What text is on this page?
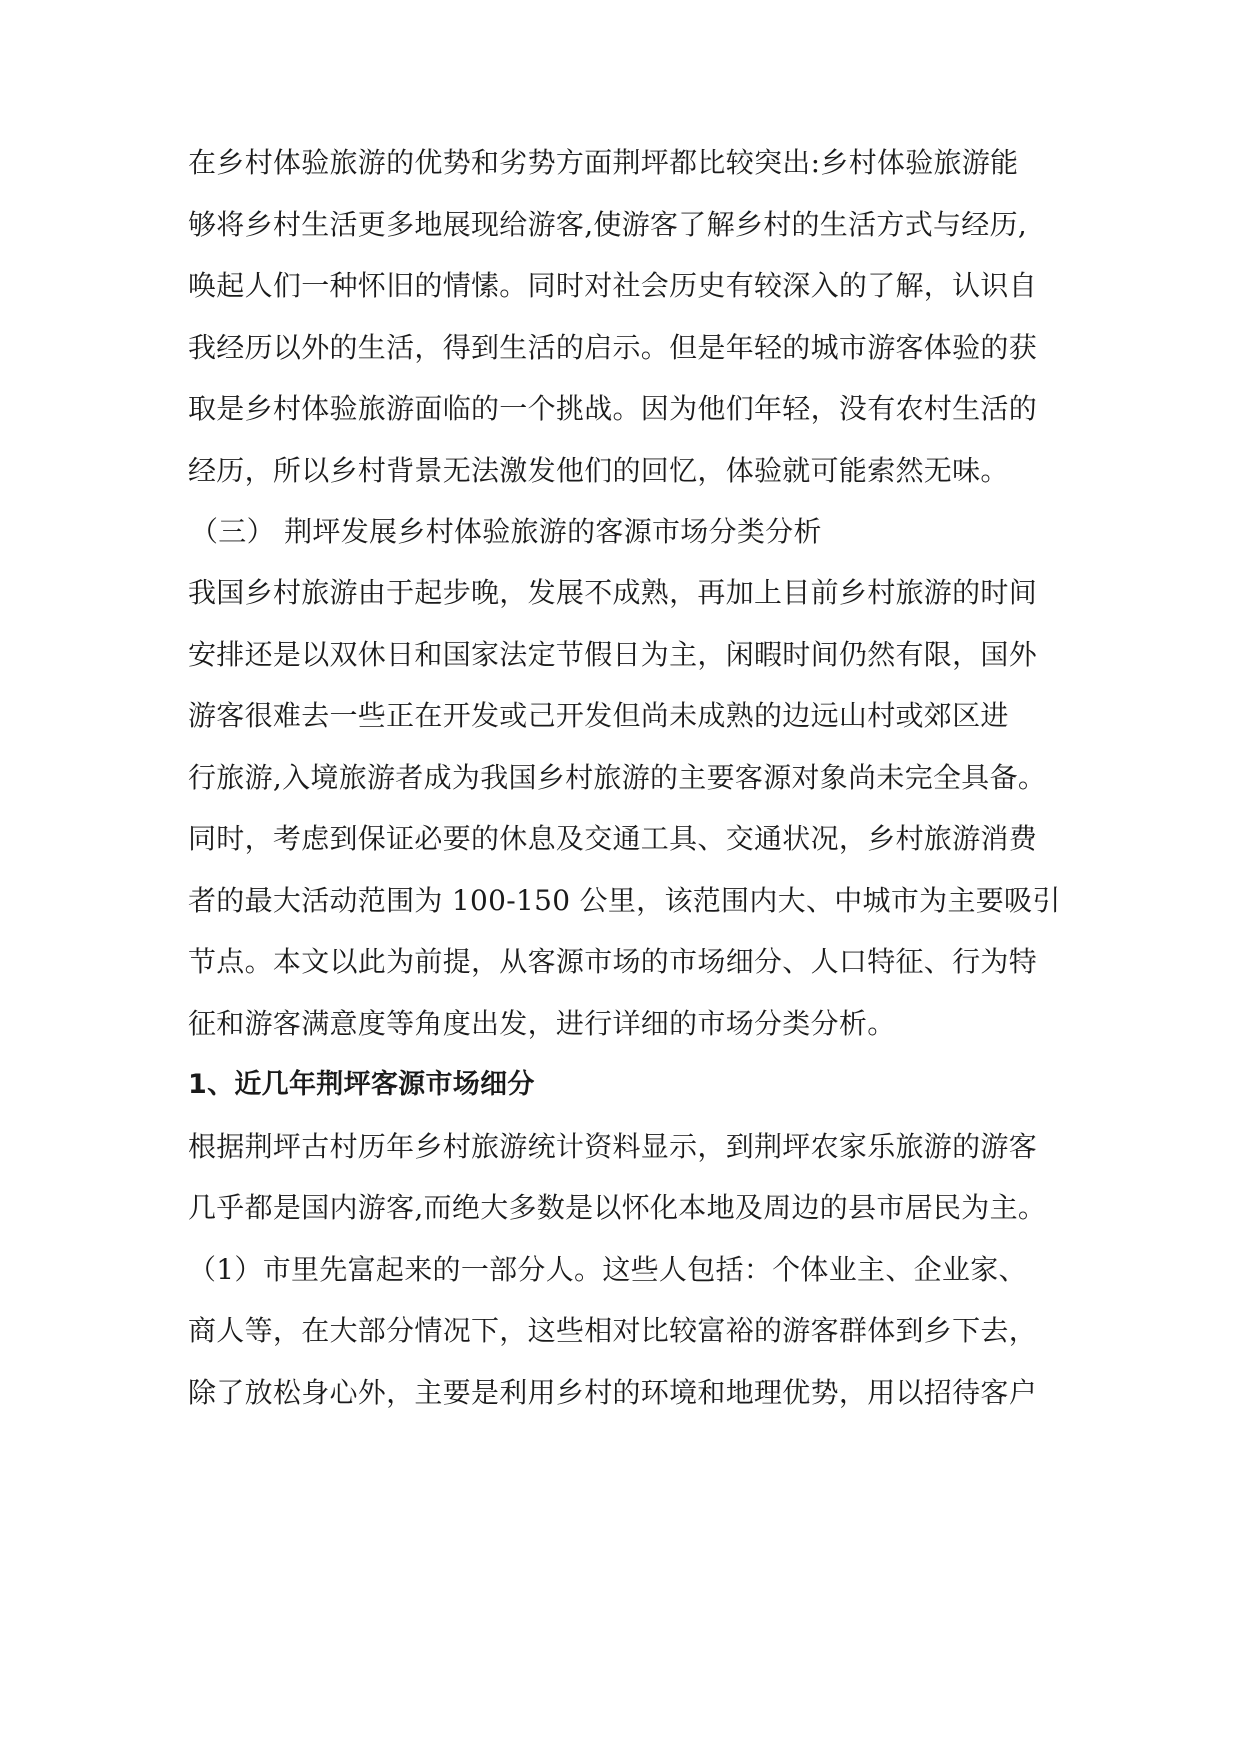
在乡村体验旅游的优势和劣势方面荆坪都比较突出:乡村体验旅游能
够将乡村生活更多地展现给游客,使游客了解乡村的生活方式与经历,
唤起人们一种怀旧的情愫。同时对社会历史有较深入的了解，认识自
我经历以外的生活，得到生活的启示。但是年轻的城市游客体验的获
取是乡村体验旅游面临的一个挑战。因为他们年轻，没有农村生活的
经历，所以乡村背景无法激发他们的回忆，体验就可能索然无味。
（三） 荆坪发展乡村体验旅游的客源市场分类分析
我国乡村旅游由于起步晚，发展不成熟，再加上目前乡村旅游的时间
安排还是以双休日和国家法定节假日为主，闲暇时间仍然有限，国外
游客很难去一些正在开发或己开发但尚未成熟的边远山村或郊区进
行旅游,入境旅游者成为我国乡村旅游的主要客源对象尚未完全具备。
同时，考虑到保证必要的休息及交通工具、交通状况，乡村旅游消费
者的最大活动范围为 100-150 公里，该范围内大、中城市为主要吸引
节点。本文以此为前提，从客源市场的市场细分、人口特征、行为特
征和游客满意度等角度出发，进行详细的市场分类分析。
1、近几年荆坪客源市场细分
根据荆坪古村历年乡村旅游统计资料显示，到荆坪农家乐旅游的游客
几乎都是国内游客,而绝大多数是以怀化本地及周边的县市居民为主。
（1）市里先富起来的一部分人。这些人包括：个体业主、企业家、
商人等，在大部分情况下，这些相对比较富裕的游客群体到乡下去，
除了放松身心外，主要是利用乡村的环境和地理优势，用以招待客户
